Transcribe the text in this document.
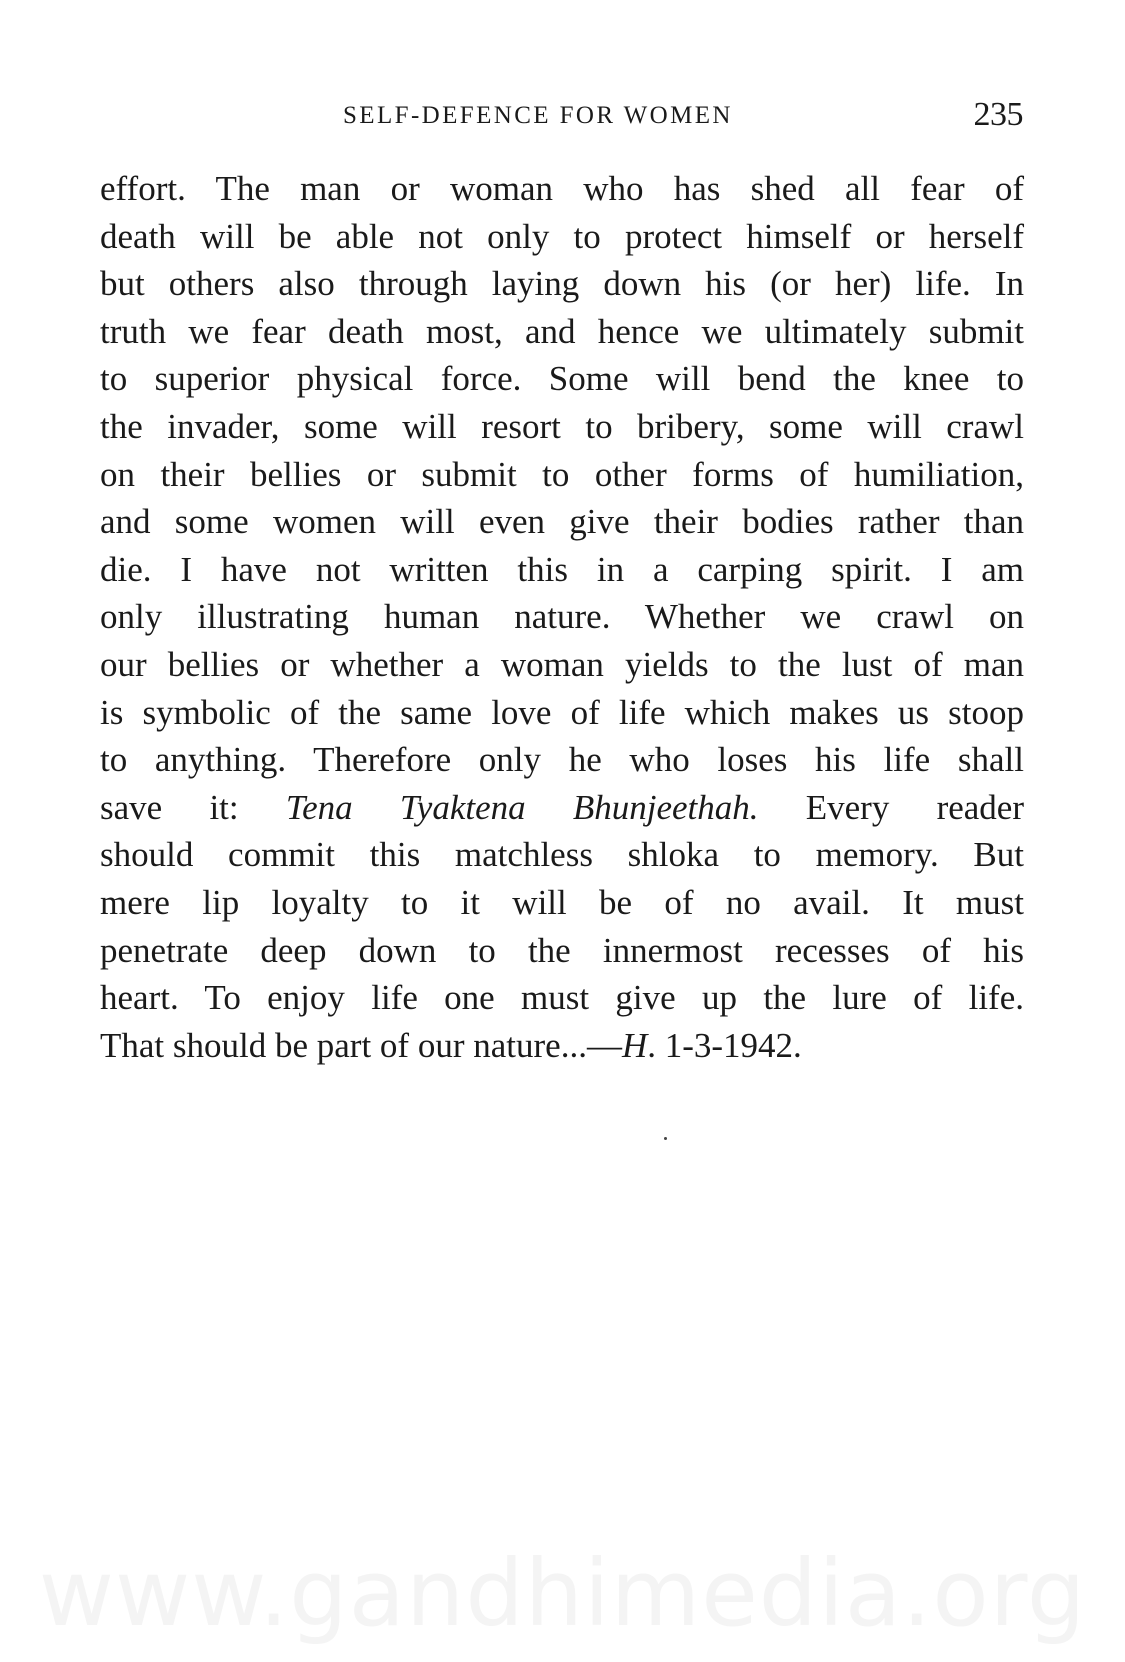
SELF-DEFENCE FOR WOMEN	235
effort. The man or woman who has shed all fear of
death will be able not only to protect himself or herself
but others also through laying down his (or her) life. In
truth we fear death most, and hence we ultimately submit
to superior physical force. Some will bend the knee to
the invader, some will resort to bribery, some will crawl
on their bellies or submit to other forms of humiliation,
and some women will even give their bodies rather than
die. I have not written this in a carping spirit. I am
only illustrating human nature. Whether we crawl on
our bellies or whether a woman yields to the lust of man
is symbolic of the same love of life which makes us stoop
to anything. Therefore only he who loses his life shall
save it: Tena Tyaktena Bhunjeethah. Every reader
should commit this matchless shloka to memory. But
mere lip loyalty to it will be of no avail. It must
penetrate deep down to the innermost recesses of his
heart. To enjoy life one must give up the lure of life.
That should be part of our nature...—H. 1-3-1942.
www.gandhimedia.org
